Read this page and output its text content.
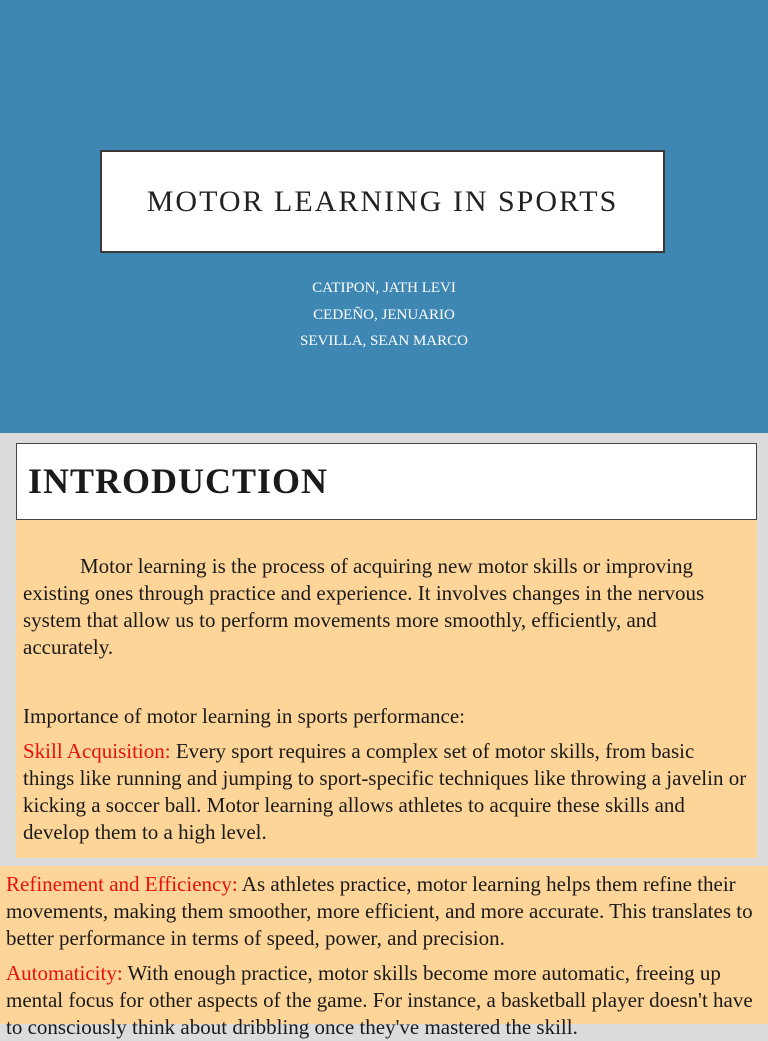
MOTOR LEARNING IN SPORTS
CATIPON, JATH LEVI
CEDEÑO, JENUARIO
SEVILLA, SEAN MARCO
INTRODUCTION

Motor learning is the process of acquiring new motor skills or improving existing ones through practice and experience. It involves changes in the nervous system that allow us to perform movements more smoothly, efficiently, and accurately.

Importance of motor learning in sports performance:

Skill Acquisition: Every sport requires a complex set of motor skills, from basic things like running and jumping to sport-specific techniques like throwing a javelin or kicking a soccer ball. Motor learning allows athletes to acquire these skills and develop them to a high level.

Refinement and Efficiency: As athletes practice, motor learning helps them refine their movements, making them smoother, more efficient, and more accurate. This translates to better performance in terms of speed, power, and precision.

Automaticity: With enough practice, motor skills become more automatic, freeing up mental focus for other aspects of the game. For instance, a basketball player doesn't have to consciously think about dribbling once they've mastered the skill.
